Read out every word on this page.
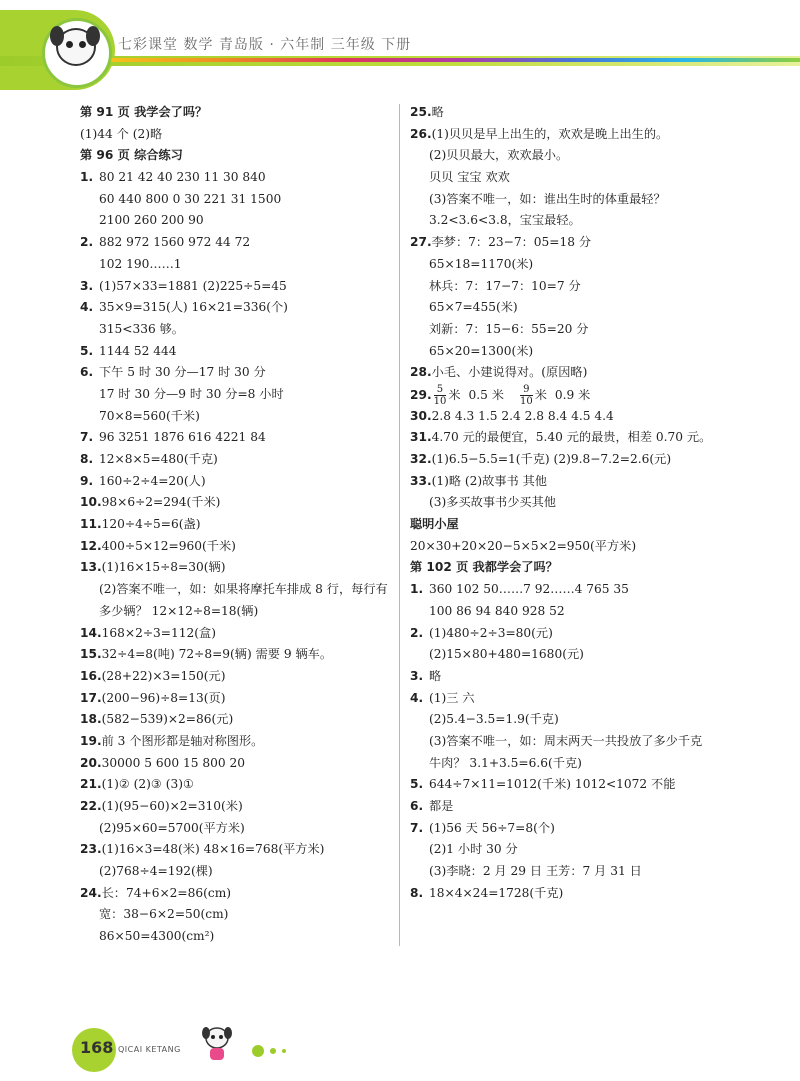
七彩课堂 数学 青岛版 · 六年制 三年级 下册
第 91 页 我学会了吗？
(1)44 个 (2)略
第 96 页 综合练习
1. 80 21 42 40 230 11 30 840
60 440 800 0 30 221 31 1500
2100 260 200 90
2. 882 972 1560 972 44 72
102 190……1
3. (1)57×33=1881 (2)225÷5=45
4. 35×9=315(人) 16×21=336(个)
315<336 够。
5. 1144 52 444
6. 下午 5 时 30 分—17 时 30 分
17 时 30 分—9 时 30 分=8 小时
70×8=560(千米)
7. 96 3251 1876 616 4221 84
8. 12×8×5=480(千克)
9. 160÷2÷4=20(人)
10.98×6÷2=294(千米)
11.120÷4÷5=6(盏)
12.400÷5×12=960(千米)
13.(1)16×15÷8=30(辆)
(2)答案不唯一，如：如果将摩托车排成 8 行，每行有
多少辆？ 12×12÷8=18(辆)
14.168×2÷3=112(盒)
15.32÷4=8(吨) 72÷8=9(辆) 需要 9 辆车。
16.(28+22)×3=150(元)
17.(200−96)÷8=13(页)
18.(582−539)×2=86(元)
19.前 3 个图形都是轴对称图形。
20.30000 5 600 15 800 20
21.(1)② (2)③ (3)①
22.(1)(95−60)×2=310(米)
(2)95×60=5700(平方米)
23.(1)16×3=48(米) 48×16=768(平方米)
(2)768÷4=192(棵)
24.长：74+6×2=86(cm)
宽：38−6×2=50(cm)
86×50=4300(cm²)
25.略
26.(1)贝贝是早上出生的，欢欢是晚上出生的。
(2)贝贝最大，欢欢最小。
贝贝 宝宝 欢欢
(3)答案不唯一，如：谁出生时的体重最轻？
3.2<3.6<3.8，宝宝最轻。
27.李梦：7：23−7：05=18 分
65×18=1170(米)
林兵：7：17−7：10=7 分
65×7=455(米)
刘新：7：15−6：55=20 分
65×20=1300(米)
28.小毛、小建说得对。(原因略)
29. $\frac{5}{10}$ 米 0.5 米 $\frac{9}{10}$ 米 0.9 米
30.2.8 4.3 1.5 2.4 2.8 8.4 4.5 4.4
31.4.70 元的最便宜，5.40 元的最贵，相差 0.70 元。
32.(1)6.5−5.5=1(千克) (2)9.8−7.2=2.6(元)
33.(1)略 (2)故事书 其他
(3)多买故事书少买其他
聪明小屋
20×30+20×20−5×5×2=950(平方米)
第 102 页 我都学会了吗？
1. 360 102 50……7 92……4 765 35
100 86 94 840 928 52
2. (1)480÷2÷3=80(元)
(2)15×80+480=1680(元)
3. 略
4. (1)三 六
(2)5.4−3.5=1.9(千克)
(3)答案不唯一，如：周末两天一共投放了多少千克
牛肉？ 3.1+3.5=6.6(千克)
5. 644÷7×11=1012(千米) 1012<1072 不能
6. 都是
7. (1)56 天 56÷7=8(个)
(2)1 小时 30 分
(3)李晓：2 月 29 日 王芳：7 月 31 日
8. 18×4×24=1728(千克)
168 QICAI KETANG
